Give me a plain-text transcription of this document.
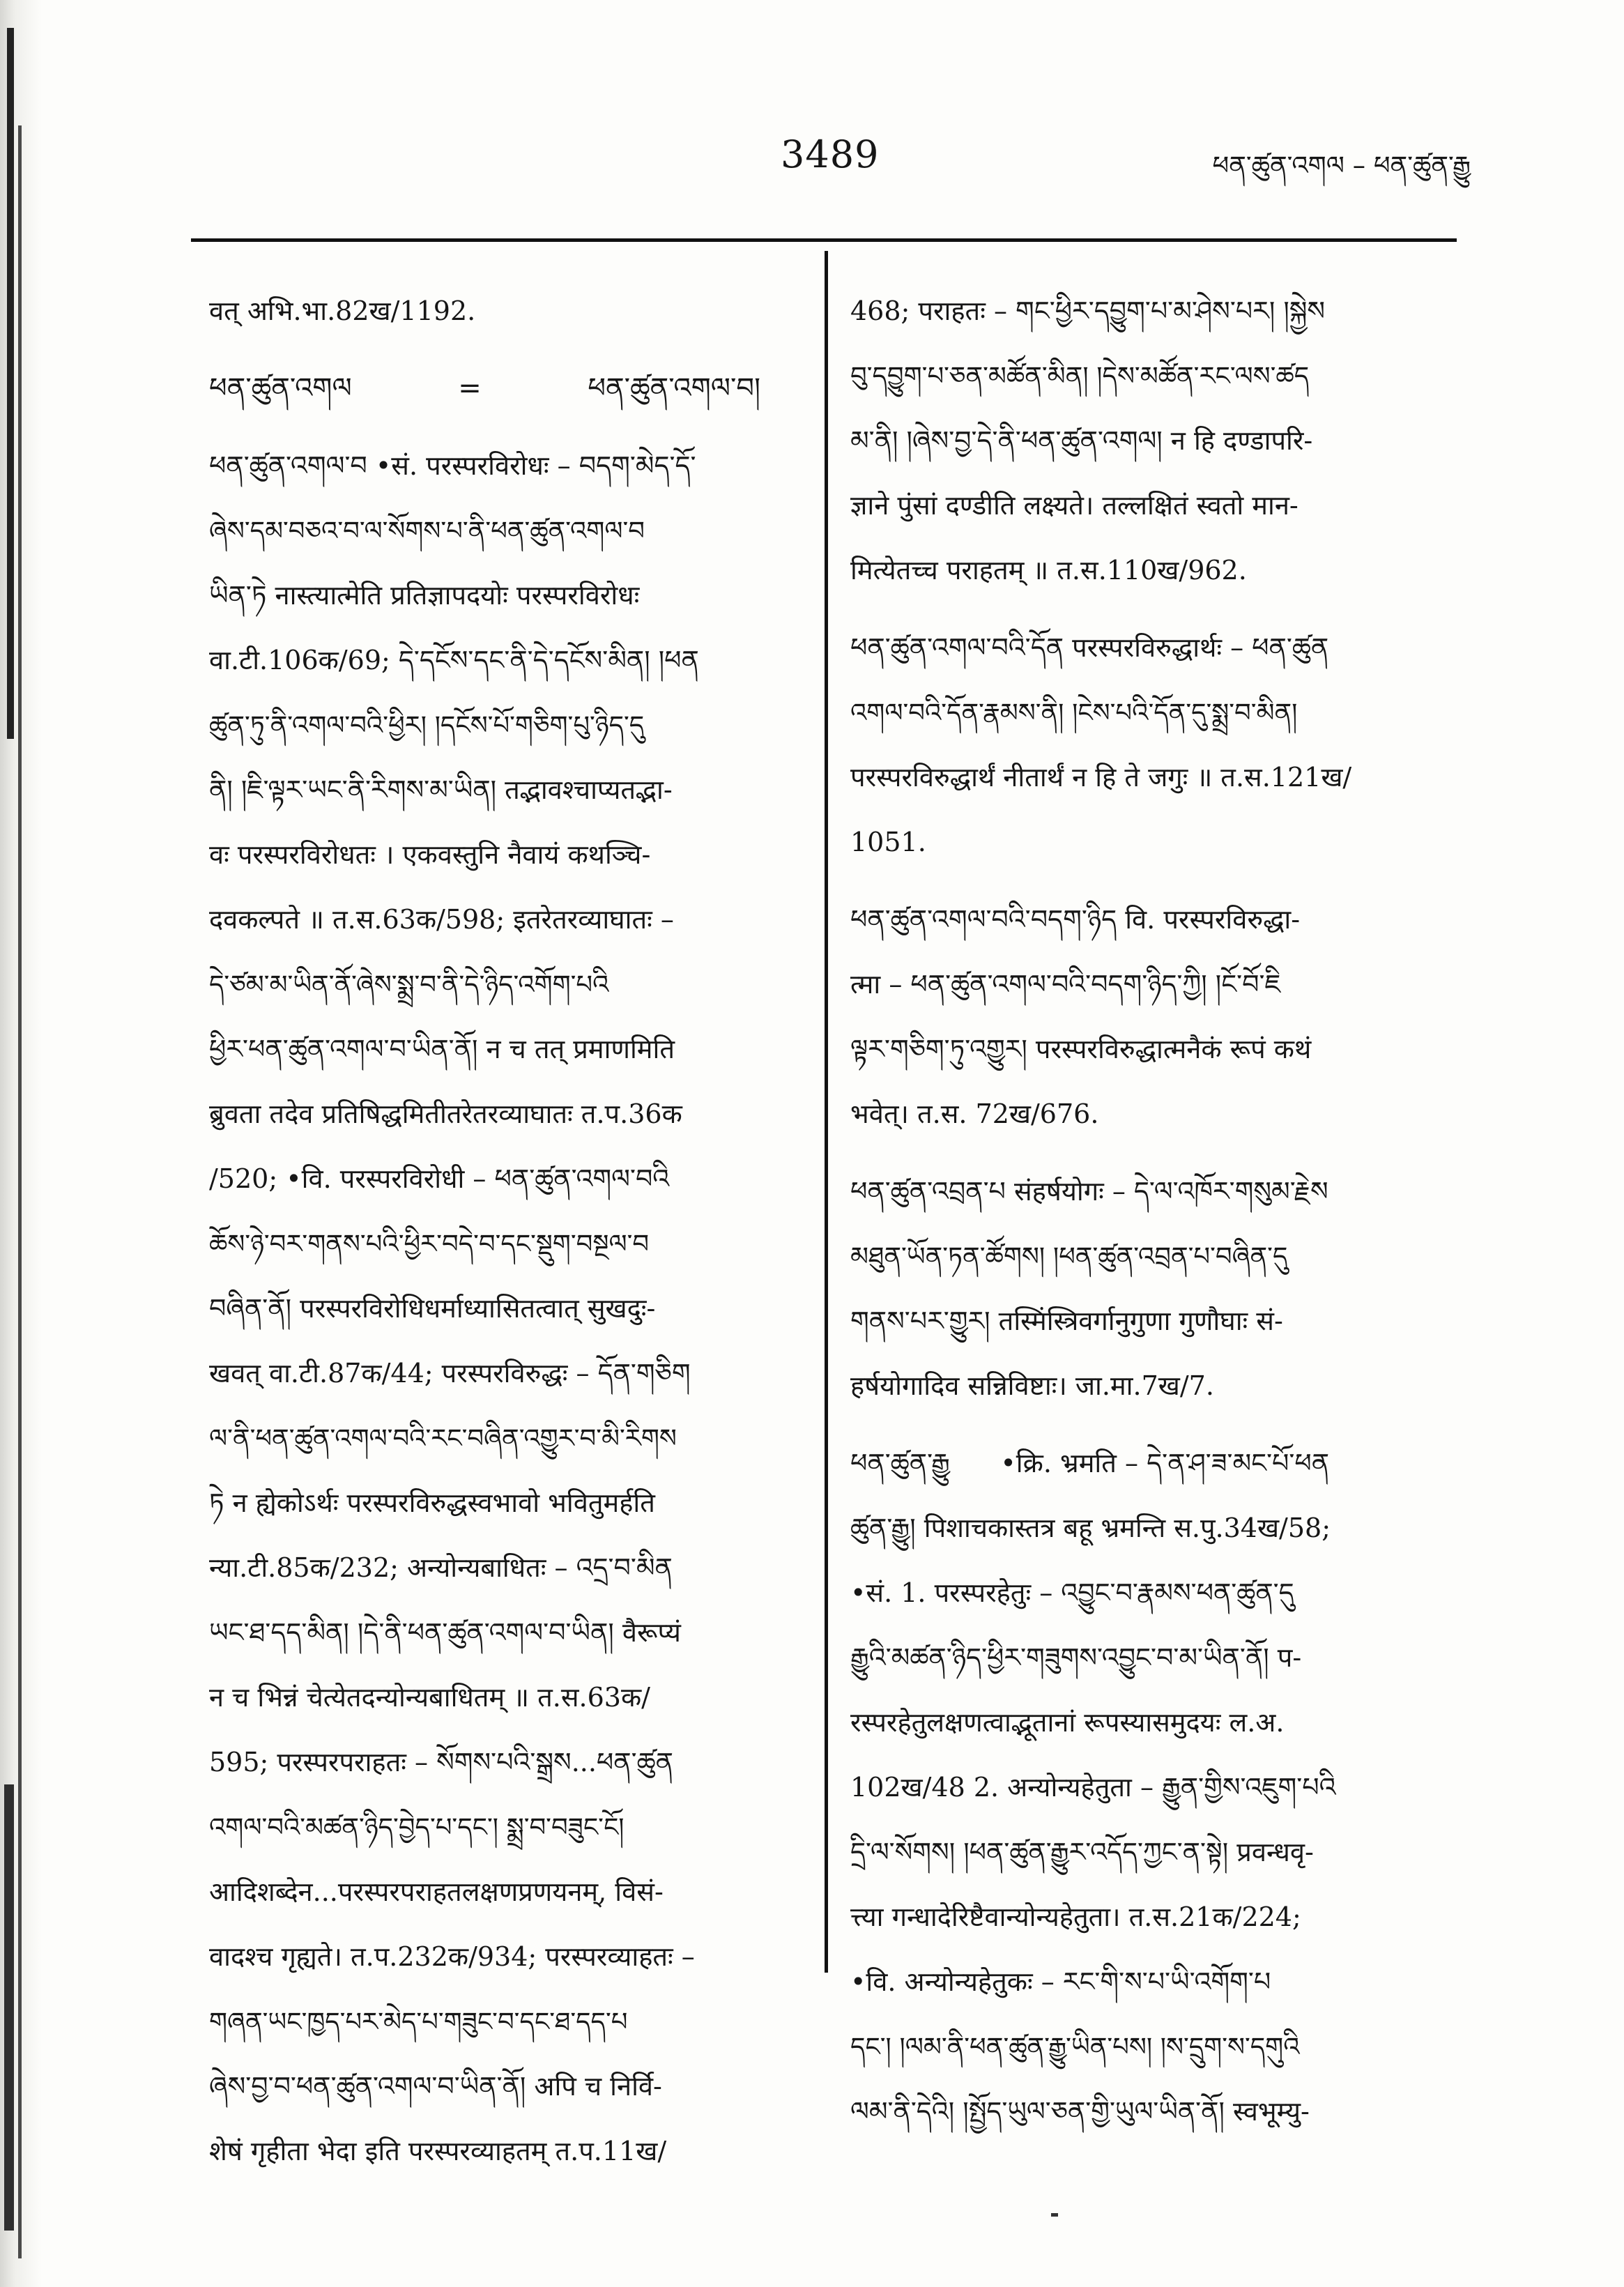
3489	ཕན་ཚུན་འགལ – ཕན་ཚུན་རྒྱུ
वत् अभि.भा.82ख/1192.
ཕན་ཚུན་འགལ            =            ཕན་ཚུན་འགལ་བ།
ཕན་ཚུན་འགལ་བ •सं. परस्परविरोधः – བདག་མེད་དོ་
ཞེས་དམ་བཅའ་བ་ལ་སོགས་པ་ནི་ཕན་ཚུན་འགལ་བ
ཡིན་ཏེ नास्त्यात्मेति प्रतिज्ञापदयोः परस्परविरोधः
वा.टी.106क/69; དེ་དངོས་དང་ནི་དེ་དངོས་མིན། །ཕན
ཚུན་ཏུ་ནི་འགལ་བའི་ཕྱིར། །དངོས་པོ་གཅིག་པུ་ཉིད་དུ
ནི། །ཇི་ལྟར་ཡང་ནི་རིགས་མ་ཡིན། तद्भावश्चाप्यतद्भा-
वः परस्परविरोधतः । एकवस्तुनि नैवायं कथञ्चि-
दवकल्पते ॥ त.स.63क/598; इतरेतरव्याघातः –
དེ་ཙམ་མ་ཡིན་ནོ་ཞེས་སྨྲ་བ་ནི་དེ་ཉིད་འགོག་པའི
ཕྱིར་ཕན་ཚུན་འགལ་བ་ཡིན་ནོ། न च तत् प्रमाणमिति
ब्रुवता तदेव प्रतिषिद्धमितीतरेतरव्याघातः त.प.36क
/520; •वि. परस्परविरोधी – ཕན་ཚུན་འགལ་བའི
ཆོས་ཉེ་བར་གནས་པའི་ཕྱིར་བདེ་བ་དང་སྡུག་བསྔལ་བ
བཞིན་ནོ། परस्परविरोधिधर्माध्यासितत्वात् सुखदुः-
खवत् वा.टी.87क/44; परस्परविरुद्धः – དོན་གཅིག
ལ་ནི་ཕན་ཚུན་འགལ་བའི་རང་བཞིན་འགྱུར་བ་མི་རིགས
ཏེ न ह्येकोऽर्थः परस्परविरुद्धस्वभावो भवितुमर्हति
न्या.टी.85क/232; अन्योन्यबाधितः – འདྲ་བ་མིན
ཡང་ཐ་དད་མིན། །དེ་ནི་ཕན་ཚུན་འགལ་བ་ཡིན། वैरूप्यं
न च भिन्नं चेत्येतदन्योन्यबाधितम् ॥ त.स.63क/
595; परस्परपराहतः – སོགས་པའི་སྒྲས...ཕན་ཚུན
འགལ་བའི་མཚན་ཉིད་བྱེད་པ་དང་། སྨྲ་བ་བཟུང་ངོ།
आदिशब्देन...परस्परपराहतलक्षणप्रणयनम्, विसं-
वादश्च गृह्यते। त.प.232क/934; परस्परव्याहतः –
གཞན་ཡང་ཁྱད་པར་མེད་པ་གཟུང་བ་དང་ཐ་དད་པ
ཞེས་བྱ་བ་ཕན་ཚུན་འགལ་བ་ཡིན་ནོ། अपि च निर्वि-
शेषं गृहीता भेदा इति परस्परव्याहतम् त.प.11ख/
468; पराहतः – གང་ཕྱིར་དབྱུག་པ་མ་ཤེས་པར། །སྐྱེས
བུ་དབྱུག་པ་ཅན་མཚོན་མིན། །དེས་མཚོན་རང་ལས་ཚད
མ་ནི། །ཞེས་བྱ་དེ་ནི་ཕན་ཚུན་འགལ། न हि दण्डापरि-
ज्ञाने पुंसां दण्डीति लक्ष्यते। तल्लक्षितं स्वतो मान-
मित्येतच्च पराहतम् ॥ त.स.110ख/962.
ཕན་ཚུན་འགལ་བའི་དོན परस्परविरुद्धार्थः – ཕན་ཚུན
འགལ་བའི་དོན་རྣམས་ནི། །ངེས་པའི་དོན་དུ་སྨྲ་བ་མིན།
परस्परविरुद्धार्थं नीतार्थं न हि ते जगुः ॥ त.स.121ख/
1051.
ཕན་ཚུན་འགལ་བའི་བདག་ཉིད वि. परस्परविरुद्धा-
त्मा – ཕན་ཚུན་འགལ་བའི་བདག་ཉིད་ཀྱི། །ངོ་བོ་ཇི
ལྟར་གཅིག་ཏུ་འགྱུར། परस्परविरुद्धात्मनैकं रूपं कथं
भवेत्। त.स. 72ख/676.
ཕན་ཚུན་འབྲན་པ संहर्षयोगः – དེ་ལ་འཁོར་གསུམ་རྗེས
མཐུན་ཡོན་ཏན་ཚོགས། །ཕན་ཚུན་འབྲན་པ་བཞིན་དུ
གནས་པར་གྱུར། तस्मिंस्त्रिवर्गानुगुणा गुणौघाः सं-
हर्षयोगादिव सन्निविष्टाः। जा.मा.7ख/7.
ཕན་ཚུན་རྒྱུ      •क्रि. भ्रमति – དེ་ན་ཤ་ཟ་མང་པོ་ཕན
ཚུན་རྒྱུ། पिशाचकास्तत्र बहू भ्रमन्ति स.पु.34ख/58;
•सं. 1. परस्परहेतुः – འབྱུང་བ་རྣམས་ཕན་ཚུན་དུ
རྒྱུའི་མཚན་ཉིད་ཕྱིར་གཟུགས་འབྱུང་བ་མ་ཡིན་ནོ། प-
रस्परहेतुलक्षणत्वाद्भूतानां रूपस्यासमुदयः ल.अ.
102ख/48 2. अन्योन्यहेतुता – རྒྱུན་གྱིས་འཇུག་པའི
དྲི་ལ་སོགས། །ཕན་ཚུན་རྒྱུར་འདོད་ཀྱང་ན་སྟེ། प्रवन्धवृ-
त्त्या गन्धादेरिष्टैवान्योन्यहेतुता। त.स.21क/224;
•वि. अन्योन्यहेतुकः – རང་གི་ས་པ་ཡི་འགོག་པ
དང་། །ལམ་ནི་ཕན་ཚུན་རྒྱུ་ཡིན་པས། །ས་དྲུག་ས་དགུའི
ལམ་ནི་དེའི། །སྤྱོད་ཡུལ་ཅན་གྱི་ཡུལ་ཡིན་ནོ། स्वभूम्यु-
